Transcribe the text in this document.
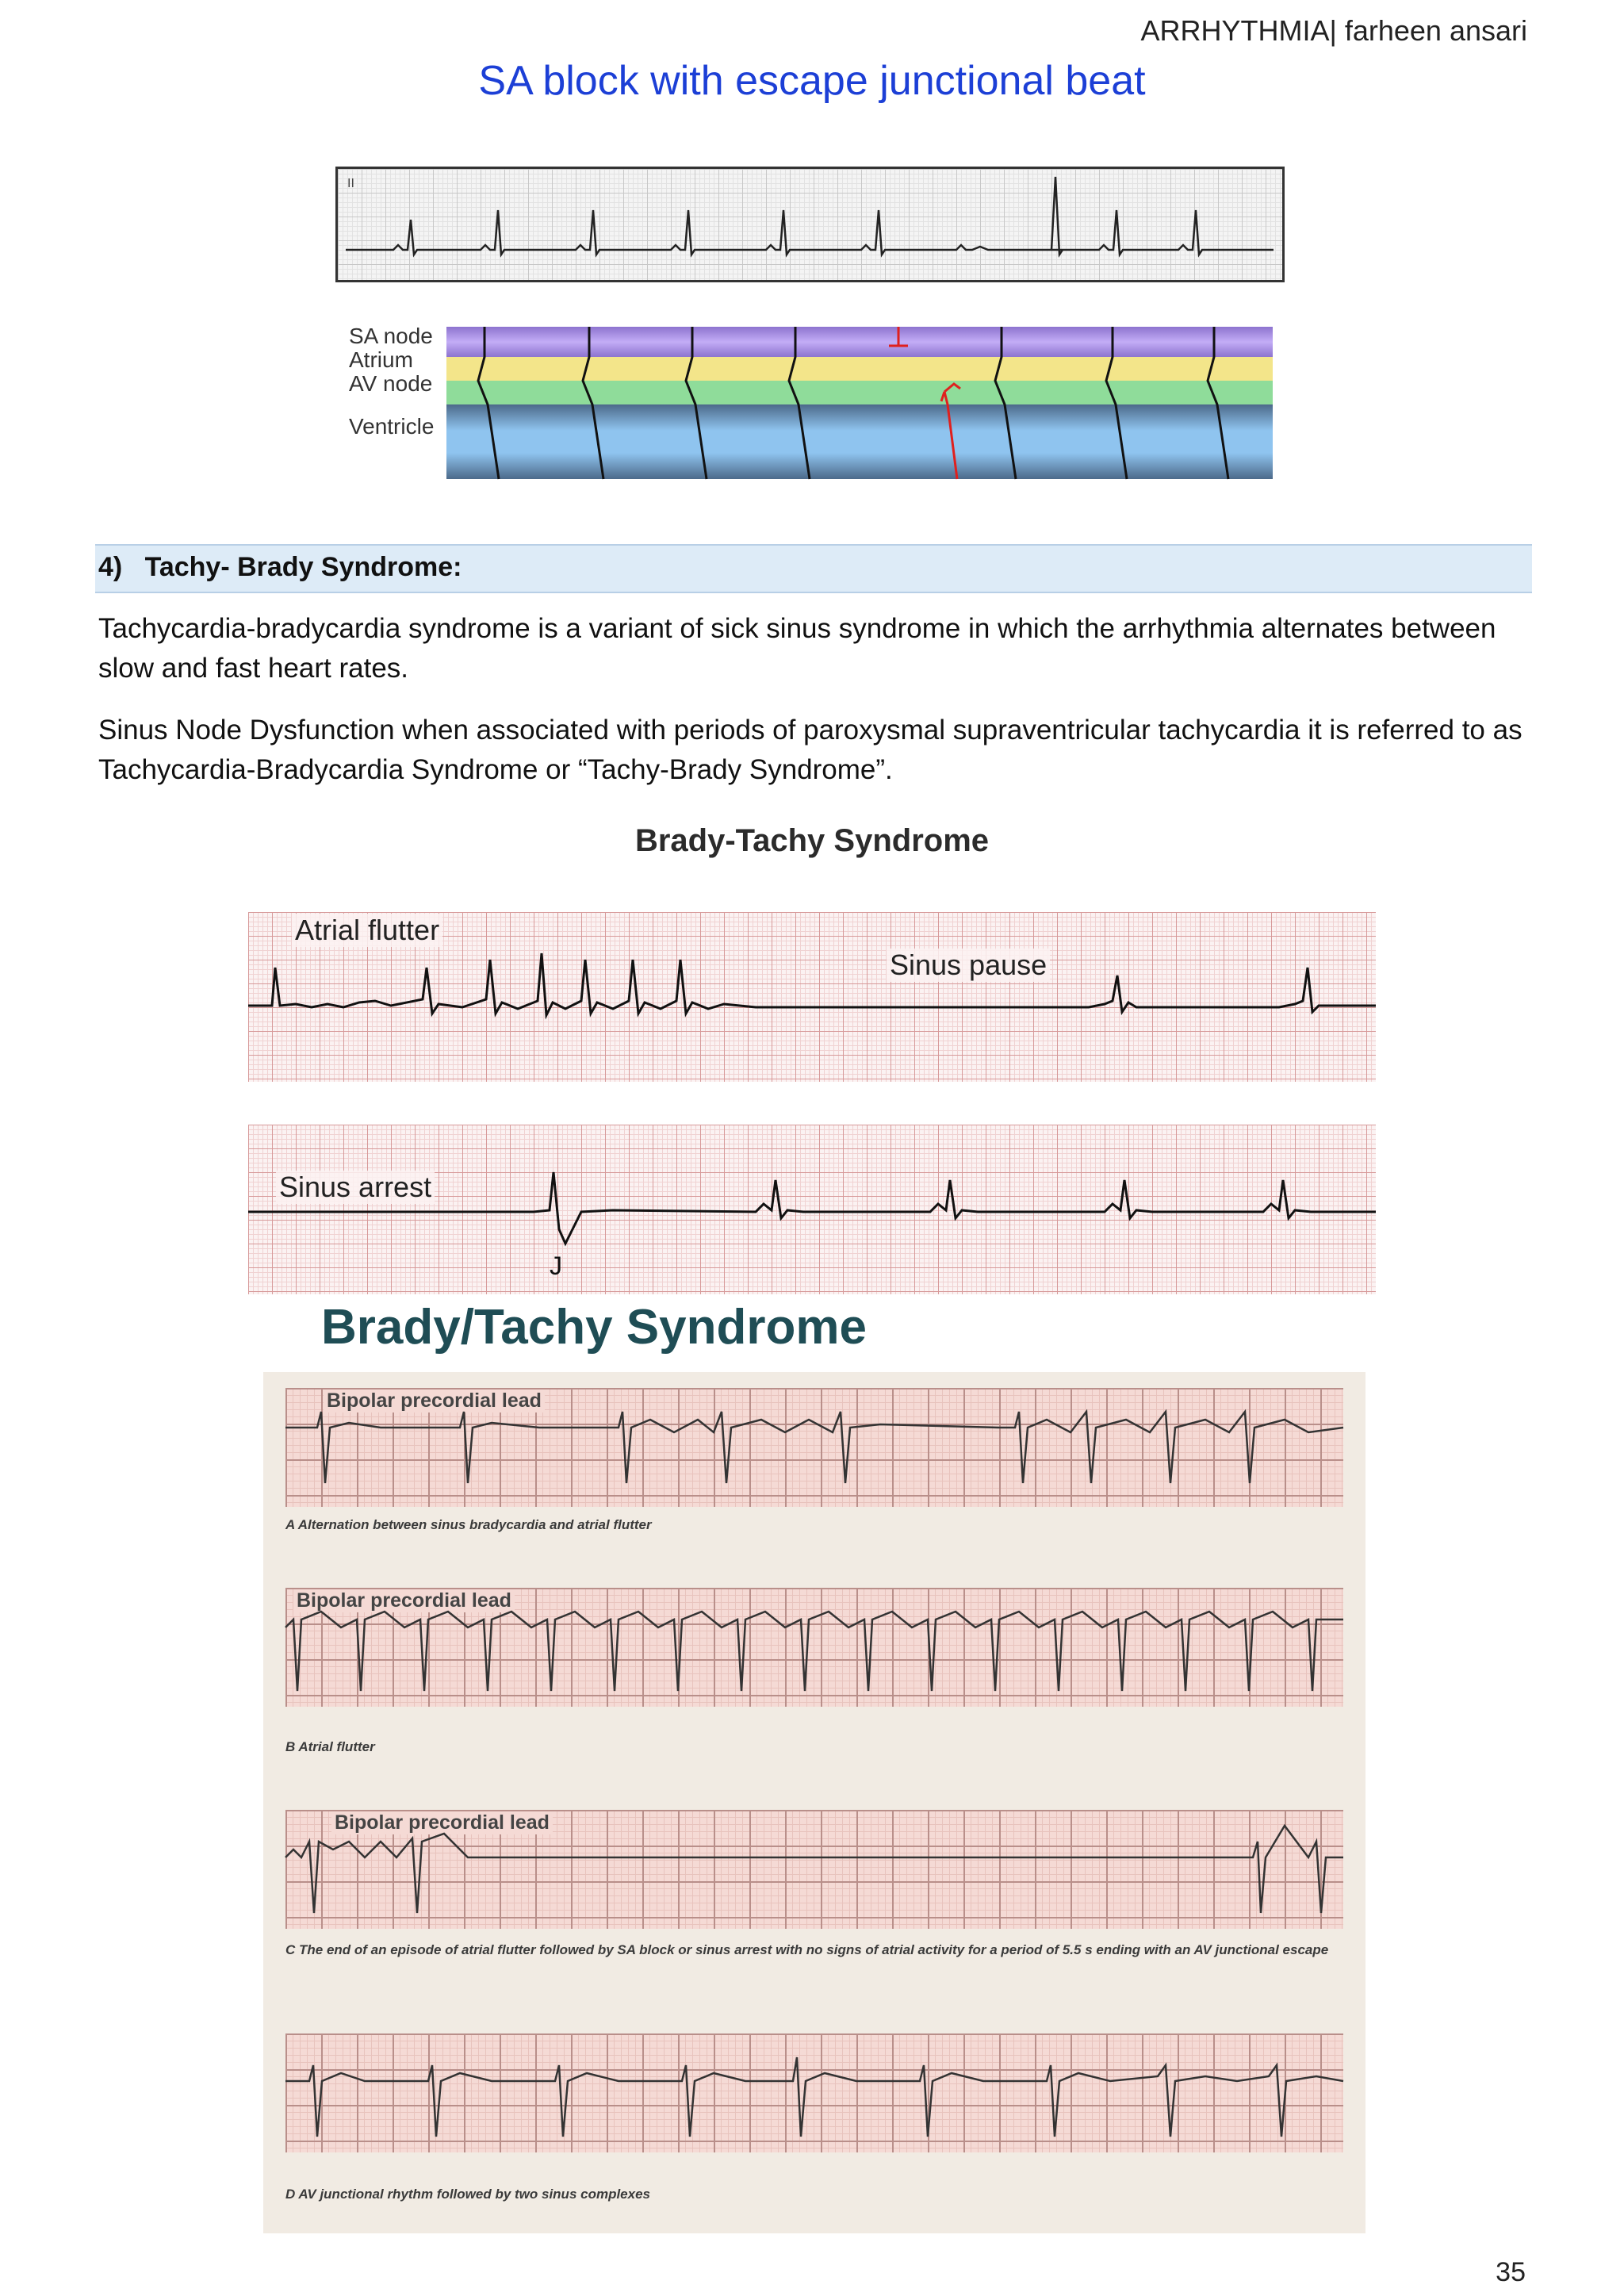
ARRHYTHMIA| farheen ansari
SA block with escape junctional beat
II
SA node
Atrium
AV node
Ventricle
4) Tachy- Brady Syndrome:
Tachycardia-bradycardia syndrome is a variant of sick sinus syndrome in which the arrhythmia alternates between slow and fast heart rates.
Sinus Node Dysfunction when associated with periods of paroxysmal supraventricular tachycardia it is referred to as Tachycardia-Bradycardia Syndrome or “Tachy-Brady Syndrome”.
Brady-Tachy Syndrome
Atrial flutter
Sinus pause
Sinus arrest
J
Brady/Tachy Syndrome
Bipolar precordial lead
A Alternation between sinus bradycardia and atrial flutter
Bipolar precordial lead
B Atrial flutter
Bipolar precordial lead
C The end of an episode of atrial flutter followed by SA block or sinus arrest with no signs of atrial activity for a period of 5.5 s ending with an AV junctional escape
D AV junctional rhythm followed by two sinus complexes
35
